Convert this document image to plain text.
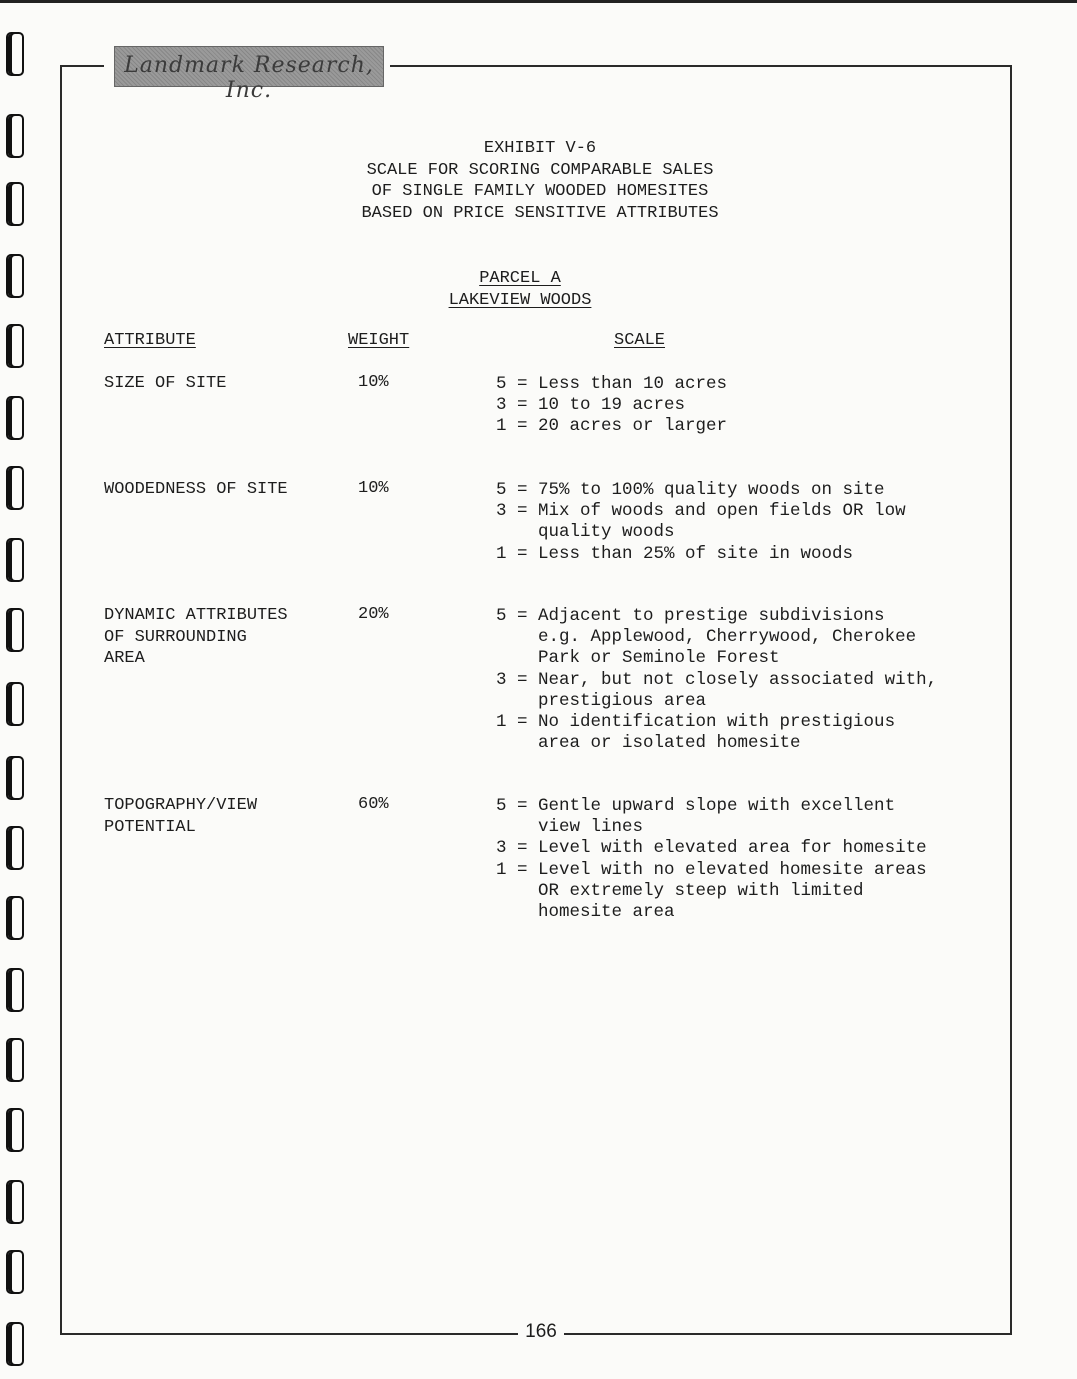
Landmark Research, Inc.
EXHIBIT V-6
SCALE FOR SCORING COMPARABLE SALES
OF SINGLE FAMILY WOODED HOMESITES
BASED ON PRICE SENSITIVE ATTRIBUTES
PARCEL A
LAKEVIEW WOODS
ATTRIBUTE	WEIGHT	SCALE
SIZE OF SITE	10%	5 = Less than 10 acres
3 = 10 to 19 acres
1 = 20 acres or larger
WOODEDNESS OF SITE	10%	5 = 75% to 100% quality woods on site
3 = Mix of woods and open fields OR low
quality woods
1 = Less than 25% of site in woods
DYNAMIC ATTRIBUTES
OF SURROUNDING
AREA
20%	5 = Adjacent to prestige subdivisions
e.g. Applewood, Cherrywood, Cherokee
Park or Seminole Forest
3 = Near, but not closely associated with,
prestigious area
1 = No identification with prestigious
area or isolated homesite
TOPOGRAPHY/VIEW
POTENTIAL
60%	5 = Gentle upward slope with excellent
view lines
3 = Level with elevated area for homesite
1 = Level with no elevated homesite areas
OR extremely steep with limited
homesite area
166
